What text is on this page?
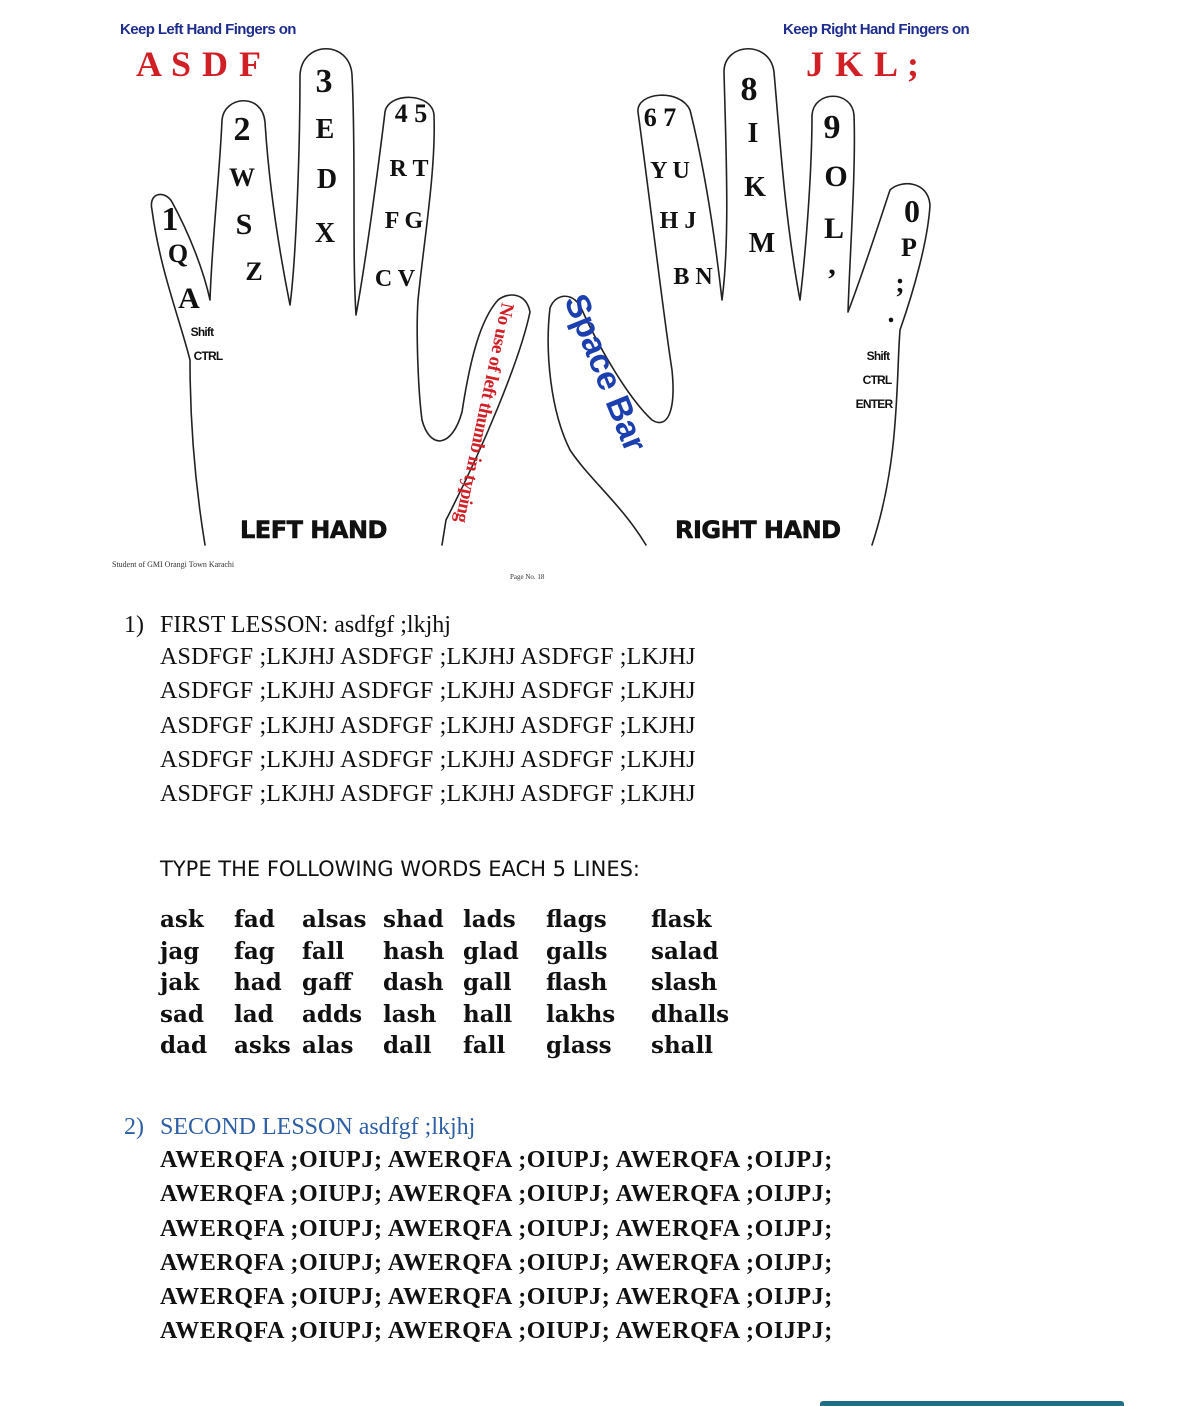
Keep Left Hand Fingers on
A S D F
Keep Right Hand Fingers on
J K L ;
1
Q
A
Shift
CTRL
2
W
S
Z
3
E
D
X
4 5
R T
F G
C V
No use of left thumb in typing Space Bar
6 7
Y U
H J
B N
8
I
K
M
9
O
L
,
0
P
;
.
Shift
CTRL
ENTER
LEFT HAND	RIGHT HAND
Student of GMI Orangi Town Karachi
Page No. 18
1) FIRST LESSON: asdfgf ;lkjhj
ASDFGF ;LKJHJ ASDFGF ;LKJHJ ASDFGF ;LKJHJ
ASDFGF ;LKJHJ ASDFGF ;LKJHJ ASDFGF ;LKJHJ
ASDFGF ;LKJHJ ASDFGF ;LKJHJ ASDFGF ;LKJHJ
ASDFGF ;LKJHJ ASDFGF ;LKJHJ ASDFGF ;LKJHJ
ASDFGF ;LKJHJ ASDFGF ;LKJHJ ASDFGF ;LKJHJ
TYPE THE FOLLOWING WORDS EACH 5 LINES:
ask fad alsas shad lads flags flask
jag fag fall hash glad galls salad
jak had gaff dash gall flash slash
sad lad adds lash hall lakhs dhalls
dad asks alas dall fall glass shall
2) SECOND LESSON asdfgf ;lkjhj
AWERQFA ;OIUPJ; AWERQFA ;OIUPJ; AWERQFA ;OIJPJ;
AWERQFA ;OIUPJ; AWERQFA ;OIUPJ; AWERQFA ;OIJPJ;
AWERQFA ;OIUPJ; AWERQFA ;OIUPJ; AWERQFA ;OIJPJ;
AWERQFA ;OIUPJ; AWERQFA ;OIUPJ; AWERQFA ;OIJPJ;
AWERQFA ;OIUPJ; AWERQFA ;OIUPJ; AWERQFA ;OIJPJ;
AWERQFA ;OIUPJ; AWERQFA ;OIUPJ; AWERQFA ;OIJPJ;
